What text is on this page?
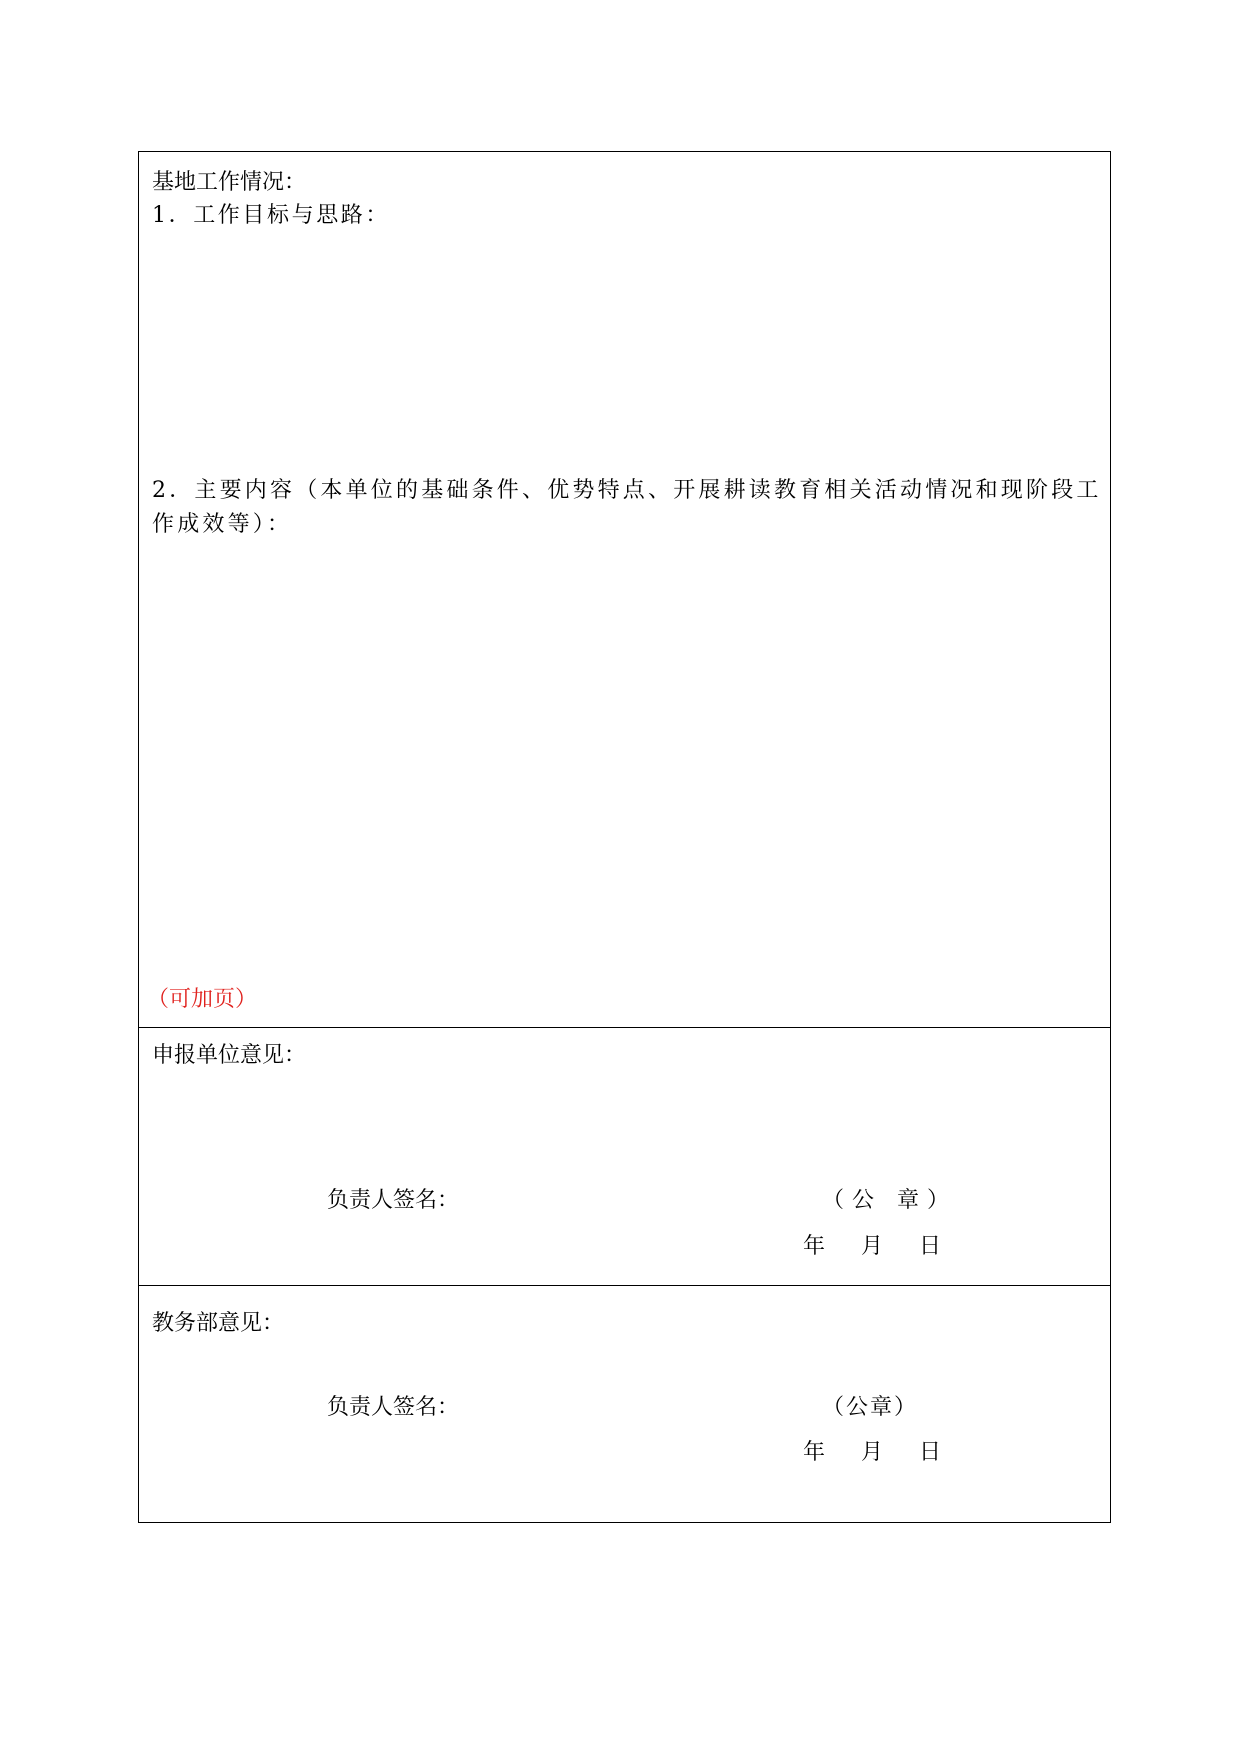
基地工作情况：
1．工作目标与思路：
2．主要内容（本单位的基础条件、优势特点、开展耕读教育相关活动情况和现阶段工作成效等）：
（可加页）
申报单位意见：
负责人签名：	（公 章）
年 月 日
教务部意见：
负责人签名：	（公章）
年 月 日
